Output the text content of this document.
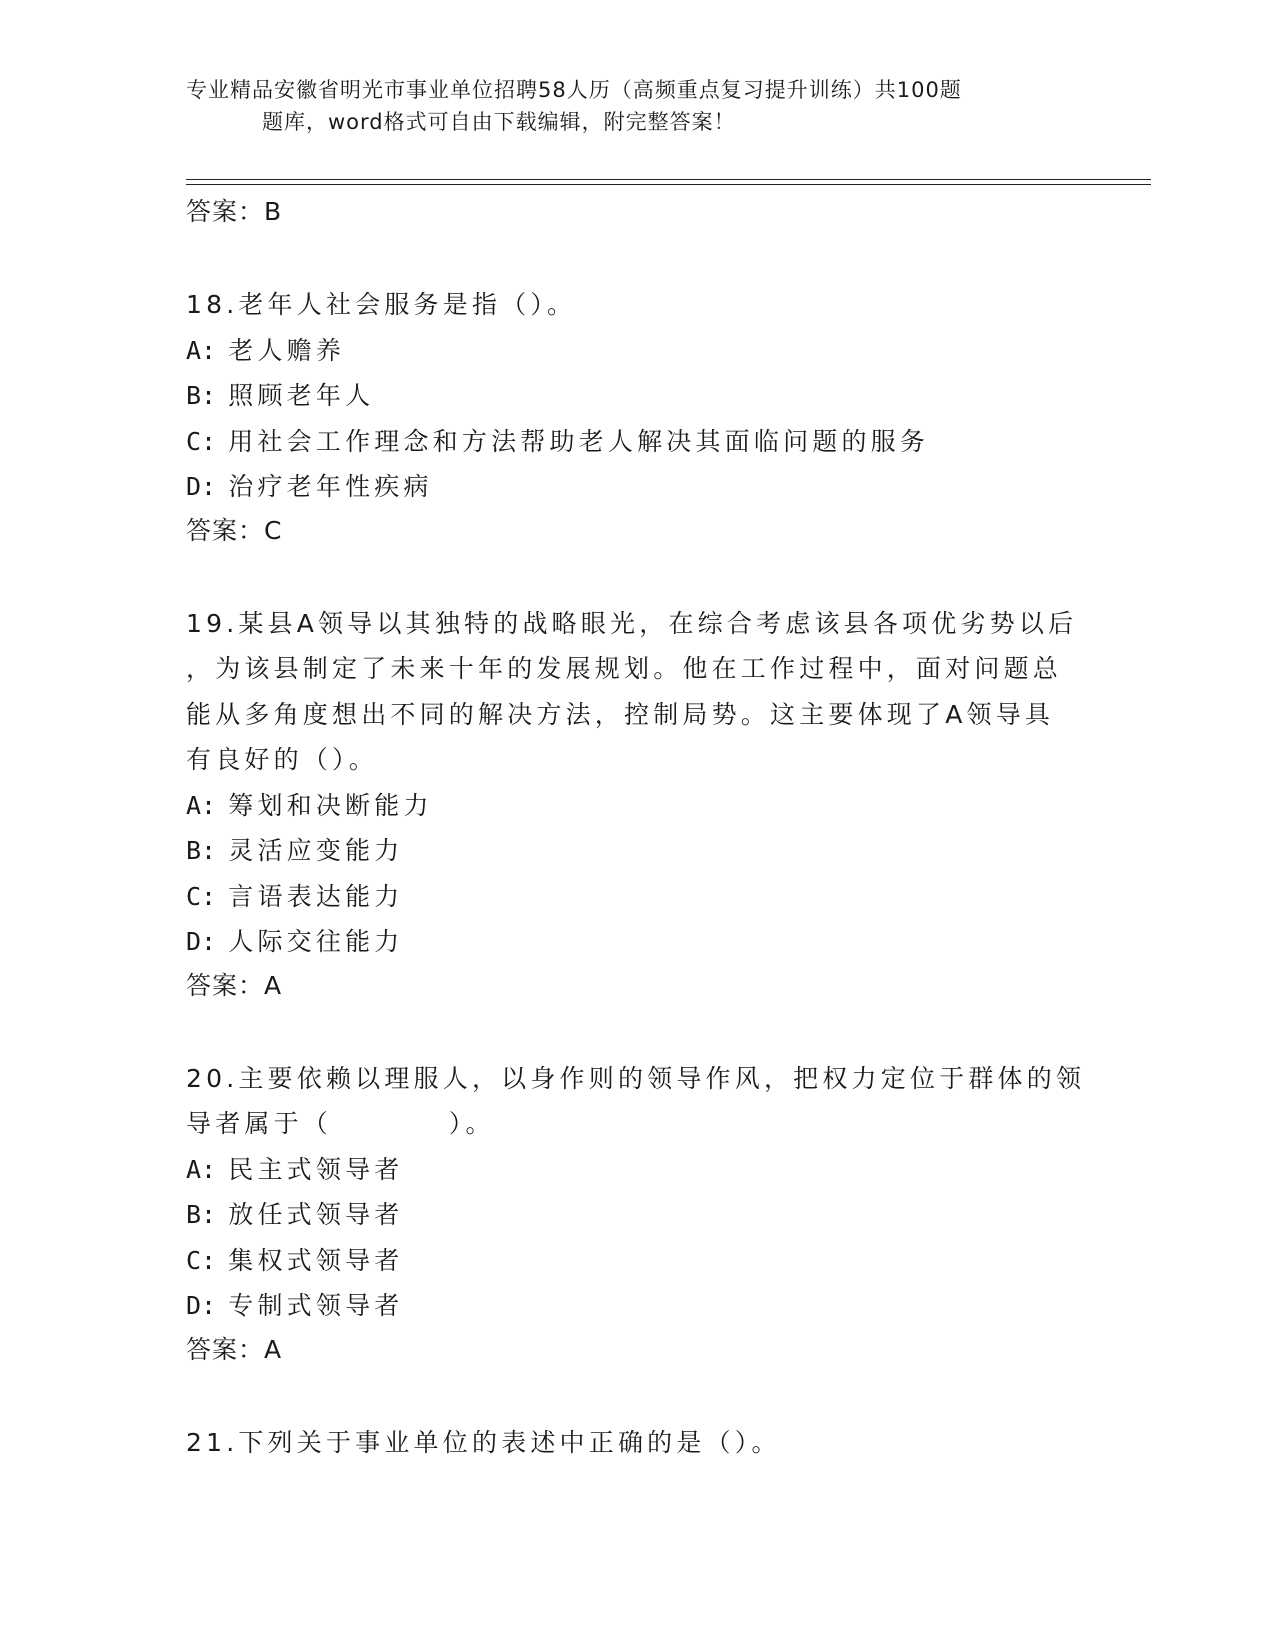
专业精品安徽省明光市事业单位招聘58人历（高频重点复习提升训练）共100题
题库，word格式可自由下载编辑，附完整答案！
答案：B
18.老年人社会服务是指（）。
A: 老人赡养
B: 照顾老年人
C: 用社会工作理念和方法帮助老人解决其面临问题的服务
D: 治疗老年性疾病
答案：C
19.某县A领导以其独特的战略眼光，在综合考虑该县各项优劣势以后
，为该县制定了未来十年的发展规划。他在工作过程中，面对问题总
能从多角度想出不同的解决方法，控制局势。这主要体现了A领导具
有良好的（）。
A: 筹划和决断能力
B: 灵活应变能力
C: 言语表达能力
D: 人际交往能力
答案：A
20.主要依赖以理服人，以身作则的领导作风，把权力定位于群体的领
导者属于（　　　　）。
A: 民主式领导者
B: 放任式领导者
C: 集权式领导者
D: 专制式领导者
答案：A
21.下列关于事业单位的表述中正确的是（）。
